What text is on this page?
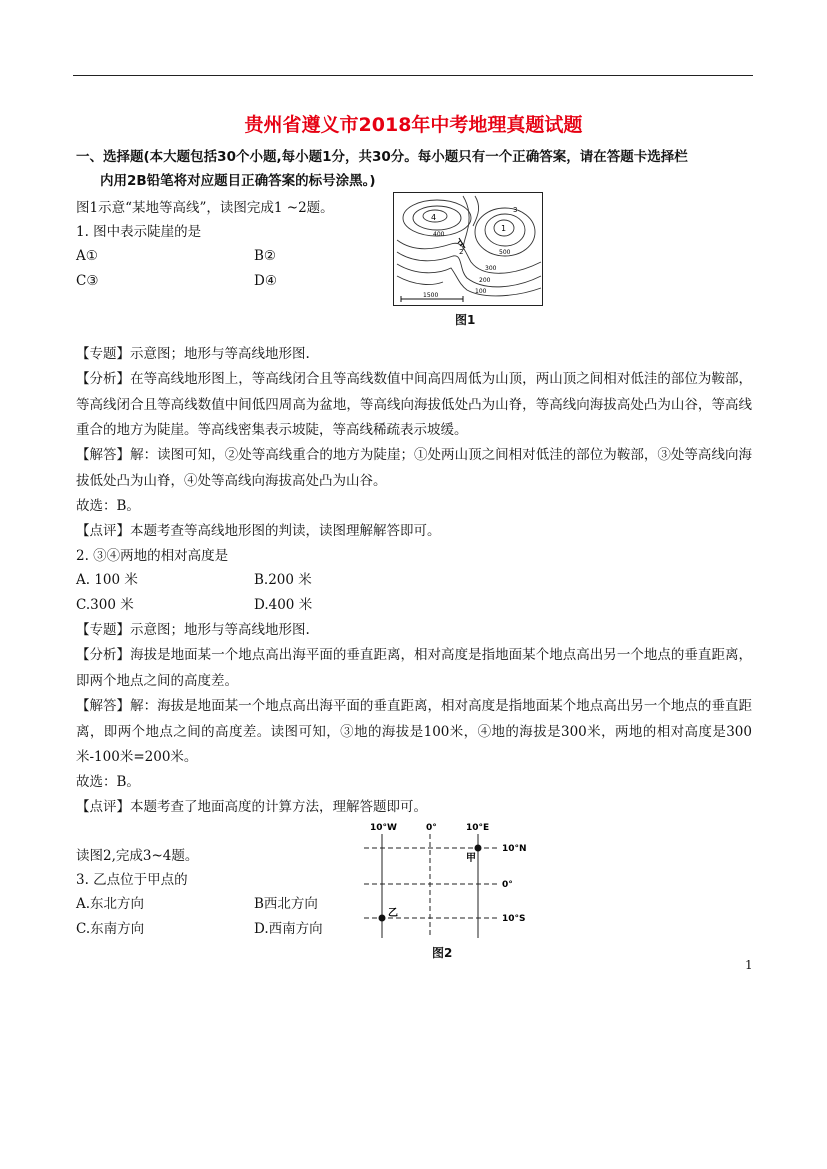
贵州省遵义市2018年中考地理真题试题
一、选择题(本大题包括30个小题,每小题1分，共30分。每小题只有一个正确答案，请在答题卡选择栏
内用2B铅笔将对应题目正确答案的标号涂黑。)
图1示意“某地等高线”，读图完成1 ~2题。
1. 图中表示陡崖的是
A①	B②
C③	D④
4
1
2
3
400
500
300
200
100
1500
图1
【专题】示意图；地形与等高线地形图.
【分析】在等高线地形图上，等高线闭合且等高线数值中间高四周低为山顶，两山顶之间相对低洼的部位为鞍部，等高线闭合且等高线数值中间低四周高为盆地，等高线向海拔低处凸为山脊，等高线向海拔高处凸为山谷，等高线重合的地方为陡崖。等高线密集表示坡陡，等高线稀疏表示坡缓。
【解答】解：读图可知，②处等高线重合的地方为陡崖；①处两山顶之间相对低洼的部位为鞍部，③处等高线向海拔低处凸为山脊，④处等高线向海拔高处凸为山谷。
故选：B。
【点评】本题考查等高线地形图的判读，读图理解解答即可。
2. ③④两地的相对高度是
A. 100 米	B.200 米
C.300 米	D.400 米
【专题】示意图；地形与等高线地形图.
【分析】海拔是地面某一个地点高出海平面的垂直距离，相对高度是指地面某个地点高出另一个地点的垂直距离，即两个地点之间的高度差。
【解答】解：海拔是地面某一个地点高出海平面的垂直距离，相对高度是指地面某个地点高出另一个地点的垂直距离，即两个地点之间的高度差。读图可知，③地的海拔是100米，④地的海拔是300米，两地的相对高度是300米-100米=200米。
故选：B。
【点评】本题考查了地面高度的计算方法，理解答题即可。
读图2,完成3~4题。
3. 乙点位于甲点的
A.东北方向	B西北方向
C.东南方向	D.西南方向
10°W	0°	10°E
10°N
0°
10°S
甲
乙
图2
1
